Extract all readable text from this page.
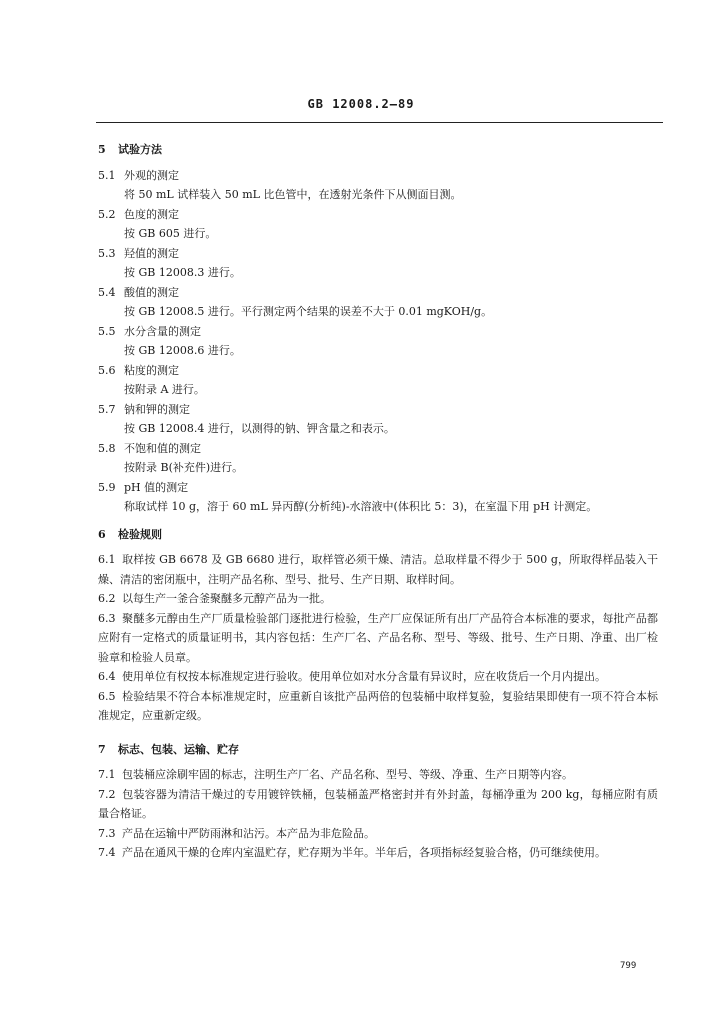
GB 12008.2—89
5 试验方法
5.1 外观的测定
将 50 mL 试样装入 50 mL 比色管中，在透射光条件下从侧面目测。
5.2 色度的测定
按 GB 605 进行。
5.3 羟值的测定
按 GB 12008.3 进行。
5.4 酸值的测定
按 GB 12008.5 进行。平行测定两个结果的误差不大于 0.01 mgKOH/g。
5.5 水分含量的测定
按 GB 12008.6 进行。
5.6 粘度的测定
按附录 A 进行。
5.7 钠和钾的测定
按 GB 12008.4 进行，以测得的钠、钾含量之和表示。
5.8 不饱和值的测定
按附录 B(补充件)进行。
5.9 pH 值的测定
称取试样 10 g，溶于 60 mL 异丙醇(分析纯)-水溶液中(体积比 5：3)，在室温下用 pH 计测定。
6 检验规则
6.1 取样按 GB 6678 及 GB 6680 进行，取样管必须干燥、清洁。总取样量不得少于 500 g，所取得样品装入干燥、清洁的密闭瓶中，注明产品名称、型号、批号、生产日期、取样时间。
6.2 以每生产一釜合釜聚醚多元醇产品为一批。
6.3 聚醚多元醇由生产厂质量检验部门逐批进行检验，生产厂应保证所有出厂产品符合本标准的要求，每批产品都应附有一定格式的质量证明书，其内容包括：生产厂名、产品名称、型号、等级、批号、生产日期、净重、出厂检验章和检验人员章。
6.4 使用单位有权按本标准规定进行验收。使用单位如对水分含量有异议时，应在收货后一个月内提出。
6.5 检验结果不符合本标准规定时，应重新自该批产品两倍的包装桶中取样复验，复验结果即使有一项不符合本标准规定，应重新定级。
7 标志、包装、运输、贮存
7.1 包装桶应涂刷牢固的标志，注明生产厂名、产品名称、型号、等级、净重、生产日期等内容。
7.2 包装容器为清洁干燥过的专用镀锌铁桶，包装桶盖严格密封并有外封盖，每桶净重为 200 kg，每桶应附有质量合格证。
7.3 产品在运输中严防雨淋和沾污。本产品为非危险品。
7.4 产品在通风干燥的仓库内室温贮存，贮存期为半年。半年后，各项指标经复验合格，仍可继续使用。
799
